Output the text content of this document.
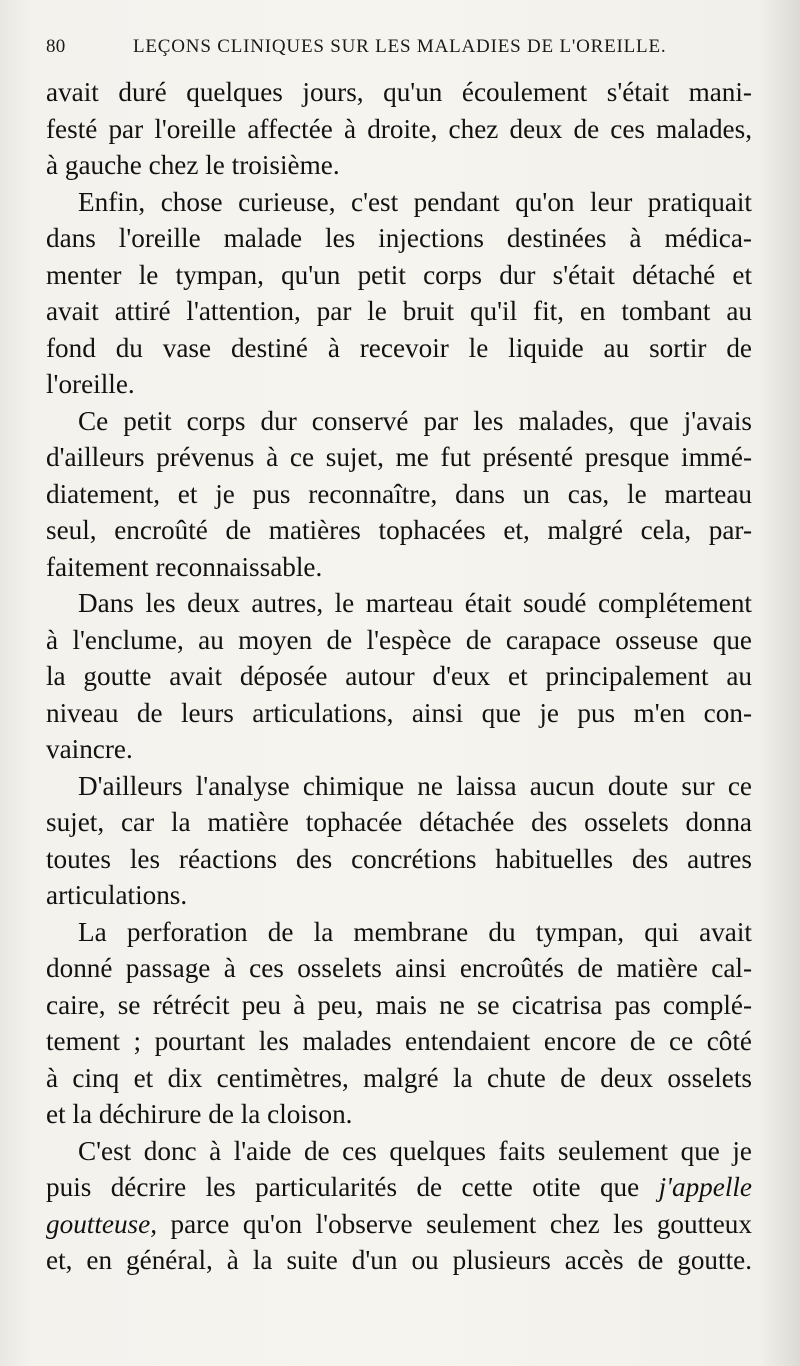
80	LEÇONS CLINIQUES SUR LES MALADIES DE L'OREILLE.
avait duré quelques jours, qu'un écoulement s'était mani-
festé par l'oreille affectée à droite, chez deux de ces malades,
à gauche chez le troisième.
Enfin, chose curieuse, c'est pendant qu'on leur pratiquait
dans l'oreille malade les injections destinées à médica-
menter le tympan, qu'un petit corps dur s'était détaché et
avait attiré l'attention, par le bruit qu'il fit, en tombant au
fond du vase destiné à recevoir le liquide au sortir de
l'oreille.
Ce petit corps dur conservé par les malades, que j'avais
d'ailleurs prévenus à ce sujet, me fut présenté presque immé-
diatement, et je pus reconnaître, dans un cas, le marteau
seul, encroûté de matières tophacées et, malgré cela, par-
faitement reconnaissable.
Dans les deux autres, le marteau était soudé complétement
à l'enclume, au moyen de l'espèce de carapace osseuse que
la goutte avait déposée autour d'eux et principalement au
niveau de leurs articulations, ainsi que je pus m'en con-
vaincre.
D'ailleurs l'analyse chimique ne laissa aucun doute sur ce
sujet, car la matière tophacée détachée des osselets donna
toutes les réactions des concrétions habituelles des autres
articulations.
La perforation de la membrane du tympan, qui avait
donné passage à ces osselets ainsi encroûtés de matière cal-
caire, se rétrécit peu à peu, mais ne se cicatrisa pas complé-
tement ; pourtant les malades entendaient encore de ce côté
à cinq et dix centimètres, malgré la chute de deux osselets
et la déchirure de la cloison.
C'est donc à l'aide de ces quelques faits seulement que je
puis décrire les particularités de cette otite que j'appelle
goutteuse, parce qu'on l'observe seulement chez les goutteux
et, en général, à la suite d'un ou plusieurs accès de goutte.
